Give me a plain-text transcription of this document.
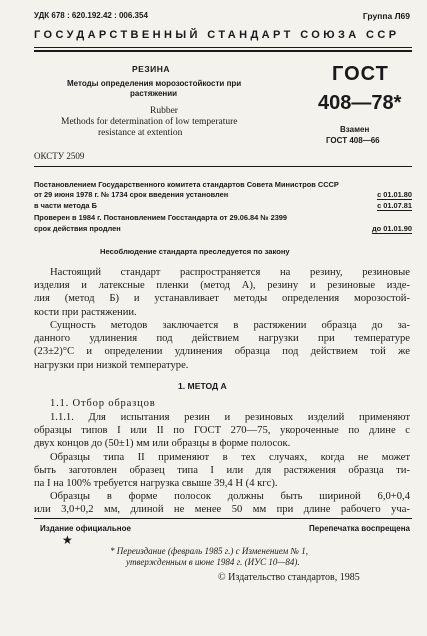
УДК 678 : 620.192.42 : 006.354	Группа Л69
ГОСУДАРСТВЕННЫЙ СТАНДАРТ СОЮЗА ССР
РЕЗИНА
Методы определения морозостойкости при
растяжении
Rubber
Methods for determination of low temperature
resistance at extention
ГОСТ
408—78*
Взамен
ГОСТ 408—66
ОКСТУ 2509
Постановлением Государственного комитета стандартов Совета Министров СССР
от 29 июня 1978 г. № 1734 срок введения установлен	с 01.01.80
в части метода Б	с 01.07.81
Проверен в 1984 г. Постановлением Госстандарта от 29.06.84 № 2399
срок действия продлен	до 01.01.90
Несоблюдение стандарта преследуется по закону
Настоящий стандарт распространяется на резину, резиновые
изделия и латексные пленки (метод А), резину и резиновые изде-
лия (метод Б) и устанавливает методы определения морозостой-
кости при растяжении.
Сущность методов заключается в растяжении образца до за-
данного удлинения под действием нагрузки при температуре
(23±2)°C и определении удлинения образца под действием той же
нагрузки при низкой температуре.
1. МЕТОД А
1.1. Отбор образцов
1.1.1. Для испытания резин и резиновых изделий применяют
образцы типов I или II по ГОСТ 270—75, укороченные по длине с
двух концов до (50±1) мм или образцы в форме полосок.
Образцы типа II применяют в тех случаях, когда не может
быть заготовлен образец типа I или для растяжения образца ти-
па I на 100% требуется нагрузка свыше 39,4 Н (4 кгс).
Образцы в форме полосок должны быть шириной 6,0+0,4
или 3,0+0,2 мм, длиной не менее 50 мм при длине рабочего уча-
Издание официальное	Перепечатка воспрещена
★
* Переиздание (февраль 1985 г.) с Изменением № 1,
утвержденным в июне 1984 г. (ИУС 10—84).
© Издательство стандартов, 1985
